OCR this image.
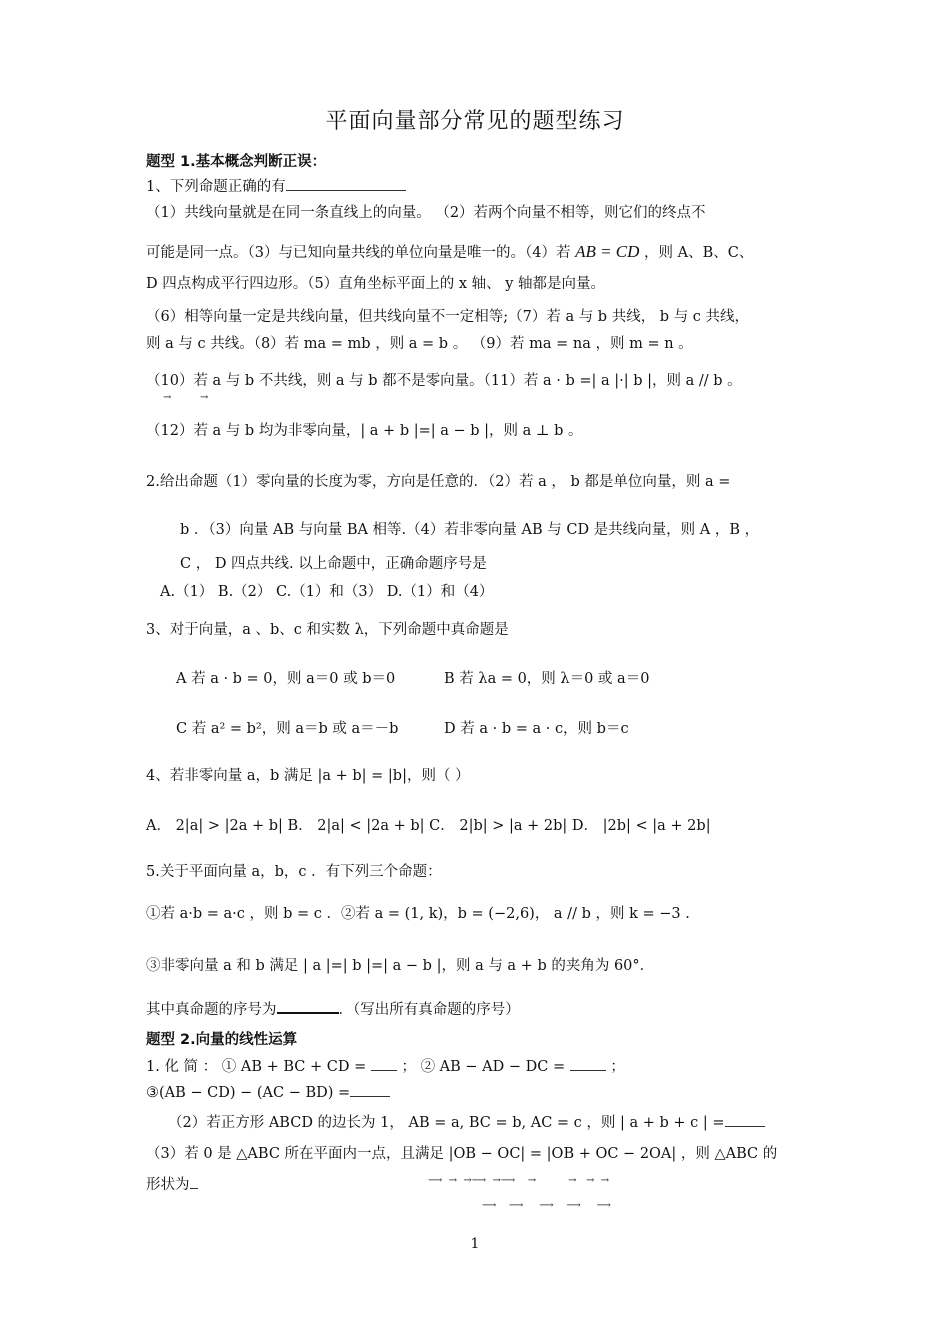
平面向量部分常见的题型练习
题型 1.基本概念判断正误：
1、下列命题正确的有
（1）共线向量就是在同一条直线上的向量。 （2）若两个向量不相等，则它们的终点不
可能是同一点。（3）与已知向量共线的单位向量是唯一的。（4）若 AB = CD ，则 A、B、C、
D 四点构成平行四边形。（5）直角坐标平面上的 x 轴、 y 轴都是向量。
（6）相等向量一定是共线向量，但共线向量不一定相等;（7）若 a 与 b 共线， b 与 c 共线，
则 a 与 c 共线。（8）若 ma = mb ，则 a = b 。 （9）若 ma = na ，则 m = n 。
（10）若 a 与 b 不共线，则 a 与 b 都不是零向量。（11）若 a · b =| a |·| b |，则 a // b 。
→         →
（12）若 a 与 b 均为非零向量，| a + b |=| a − b |，则 a ⊥ b 。
2.给出命题（1）零向量的长度为零，方向是任意的．（2）若 a ， b 都是单位向量，则 a =
b ．（3）向量 AB 与向量 BA 相等.（4）若非零向量 AB 与 CD 是共线向量，则 A ，B ，
C ， D 四点共线. 以上命题中，正确命题序号是
A.（1） B.（2） C.（1）和（3） D.（1）和（4）
3、对于向量，a 、b、c 和实数 λ，下列命题中真命题是
A 若 a · b = 0，则 a＝0 或 b＝0	B 若 λa = 0，则 λ＝0 或 a＝0
C 若 a² = b²，则 a＝b 或 a＝－b	D 若 a · b = a · c，则 b＝c
4、若非零向量 a，b 满足 |a + b| = |b|，则（ ）
A． 2|a| > |2a + b| B． 2|a| < |2a + b| C． 2|b| > |a + 2b| D． |2b| < |a + 2b|
5.关于平面向量 a，b，c ．有下列三个命题：
①若 a·b = a·c ，则 b = c ．②若 a = (1, k)，b = (−2,6)， a // b ，则 k = −3 .
③非零向量 a 和 b 满足 | a |=| b |=| a − b |，则 a 与 a + b 的夹角为 60°．
其中真命题的序号为	．（写出所有真命题的序号）
题型 2.向量的线性运算
1. 化 简 ： ① AB + BC + CD = ； ② AB − AD − DC =	；
③(AB − CD) − (AC − BD) =
（2）若正方形 ABCD 的边长为 1， AB = a, BC = b, AC = c ，则 | a + b + c | =
（3）若 0 是 △ABC 所在平面内一点，且满足 |OB − OC| = |OB + OC − 2OA| ，则 △ABC 的
形状为	⟶  →  →⟶  →⟶    →          →   →  →
⟶    ⟶     ⟶    ⟶     ⟶
1
